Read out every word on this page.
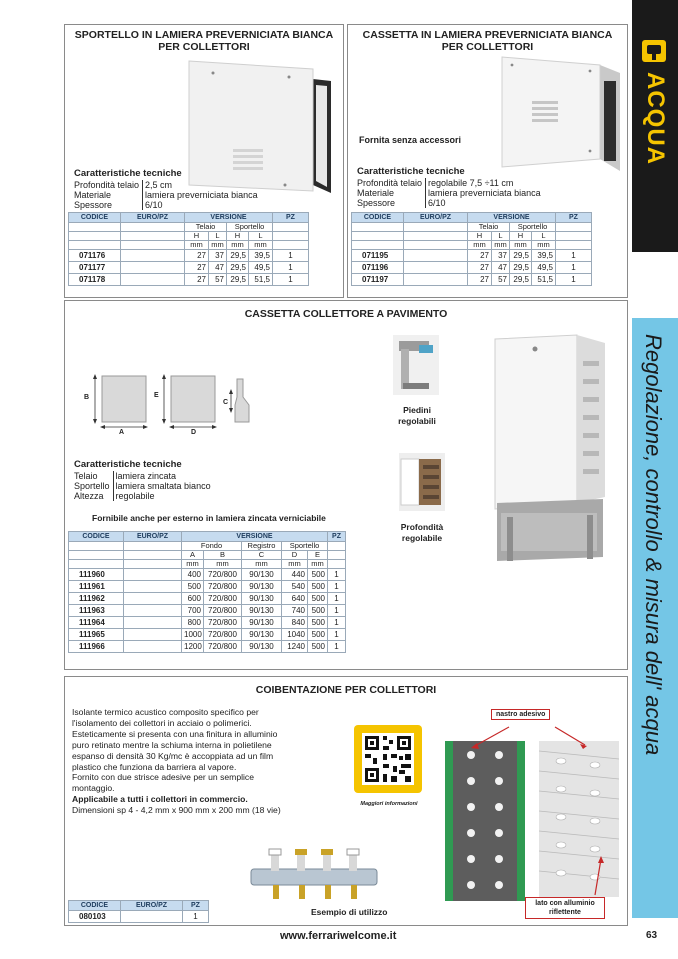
ACQUA
Regolazione, controllo & misura dell' acqua
SPORTELLO IN LAMIERA PREVERNICIATA BIANCA
PER COLLETTORI
Caratteristiche tecniche
Profondità telaio	2,5 cm
Materiale	lamiera preverniciata bianca
Spessore	6/10
CODICE	EURO/PZ	VERSIONE				PZ
		Telaio		Sportello		
		H	L	H	L	
		mm	mm	mm	mm	
071176		27	37	29,5	39,5	1
071177		27	47	29,5	49,5	1
071178		27	57	29,5	51,5	1
CASSETTA IN LAMIERA PREVERNICIATA BIANCA
PER COLLETTORI
Fornita senza accessori
Caratteristiche tecniche
Profondità telaio	regolabile 7,5 ÷11 cm
Materiale	lamiera preverniciata bianca
Spessore	6/10
CODICE	EURO/PZ	VERSIONE				PZ
		Telaio		Sportello		
		H	L	H	L	
		mm	mm	mm	mm	
071195		27	37	29,5	39,5	1
071196		27	47	29,5	49,5	1
071197		27	57	29,5	51,5	1
CASSETTA COLLETTORE A PAVIMENTO
B
A
E
D
C
Piedini
regolabili
Profondità
regolabile
Caratteristiche tecniche
Telaio	lamiera zincata
Sportello	lamiera smaltata bianco
Altezza	regolabile
Fornibile anche per esterno in lamiera zincata verniciabile
CODICE	EURO/PZ	VERSIONE					PZ
		Fondo		Registro	Sportello		
		A	B	C	D	E	
		mm	mm	mm	mm	mm	
111960		400	720/800	90/130	440	500	1
111961		500	720/800	90/130	540	500	1
111962		600	720/800	90/130	640	500	1
111963		700	720/800	90/130	740	500	1
111964		800	720/800	90/130	840	500	1
111965		1000	720/800	90/130	1040	500	1
111966		1200	720/800	90/130	1240	500	1
COIBENTAZIONE PER COLLETTORI
Isolante termico acustico composito specifico per
l'isolamento dei collettori in acciaio o polimerici.
Esteticamente si presenta con una finitura in alluminio
puro retinato mentre la schiuma interna in polietilene
espanso di densità 30 Kg/mc è accoppiata ad un film
plastico che funziona da barriera al vapore.
Fornito con due strisce adesive per un semplice
montaggio.
Applicabile a tutti i collettori in commercio.
Dimensioni sp 4 - 4,2 mm x 900 mm x 200 mm (18 vie)
Maggiori informazioni
nastro adesivo
lato con alluminio
riflettente
Esempio di utilizzo
CODICE	EURO/PZ	PZ
080103		1
www.ferrariwelcome.it	63
